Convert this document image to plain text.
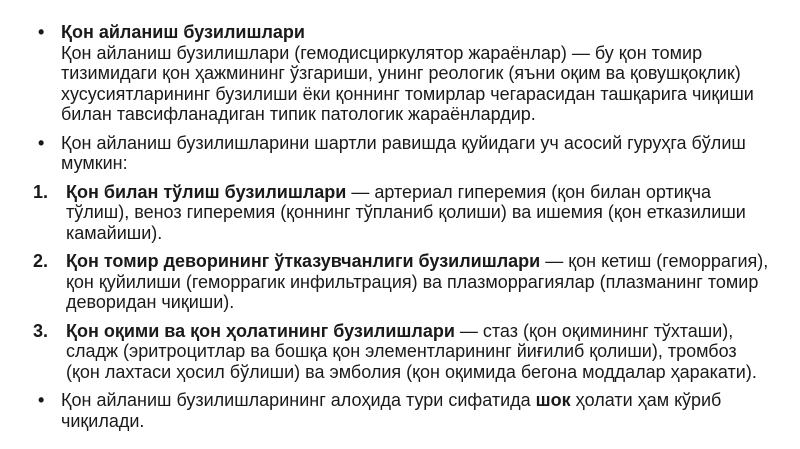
• Қон айланиш бузилишлари
Қон айланиш бузилишлари (гемодисциркулятор жараёнлар) — бу қон томир тизимидаги қон ҳажмининг ўзгариши, унинг реологик (яъни оқим ва қовушқоқлик) хусусиятларининг бузилиши ёки қоннинг томирлар чегарасидан ташқарига чиқиши билан тавсифланадиган типик патологик жараёнлардир.
• Қон айланиш бузилишларини шартли равишда қуйидаги уч асосий гуруҳга бўлиш мумкин:
1. Қон билан тўлиш бузилишлари — артериал гиперемия (қон билан ортиқча тўлиш), веноз гиперемия (қоннинг тўпланиб қолиши) ва ишемия (қон етказилиши камайиши).
2. Қон томир деворининг ўтказувчанлиги бузилишлари — қон кетиш (геморрагия), қон қуйилиши (геморрагик инфильтрация) ва плазморрагиялар (плазманинг томир деворидан чиқиши).
3. Қон оқими ва қон ҳолатининг бузилишлари — стаз (қон оқимининг тўхташи), сладж (эритроцитлар ва бошқа қон элементларининг йиғилиб қолиши), тромбоз (қон лахтаси ҳосил бўлиши) ва эмболия (қон оқимида бегона моддалар ҳаракати).
• Қон айланиш бузилишларининг алоҳида тури сифатида шок ҳолати ҳам кўриб чиқилади.
